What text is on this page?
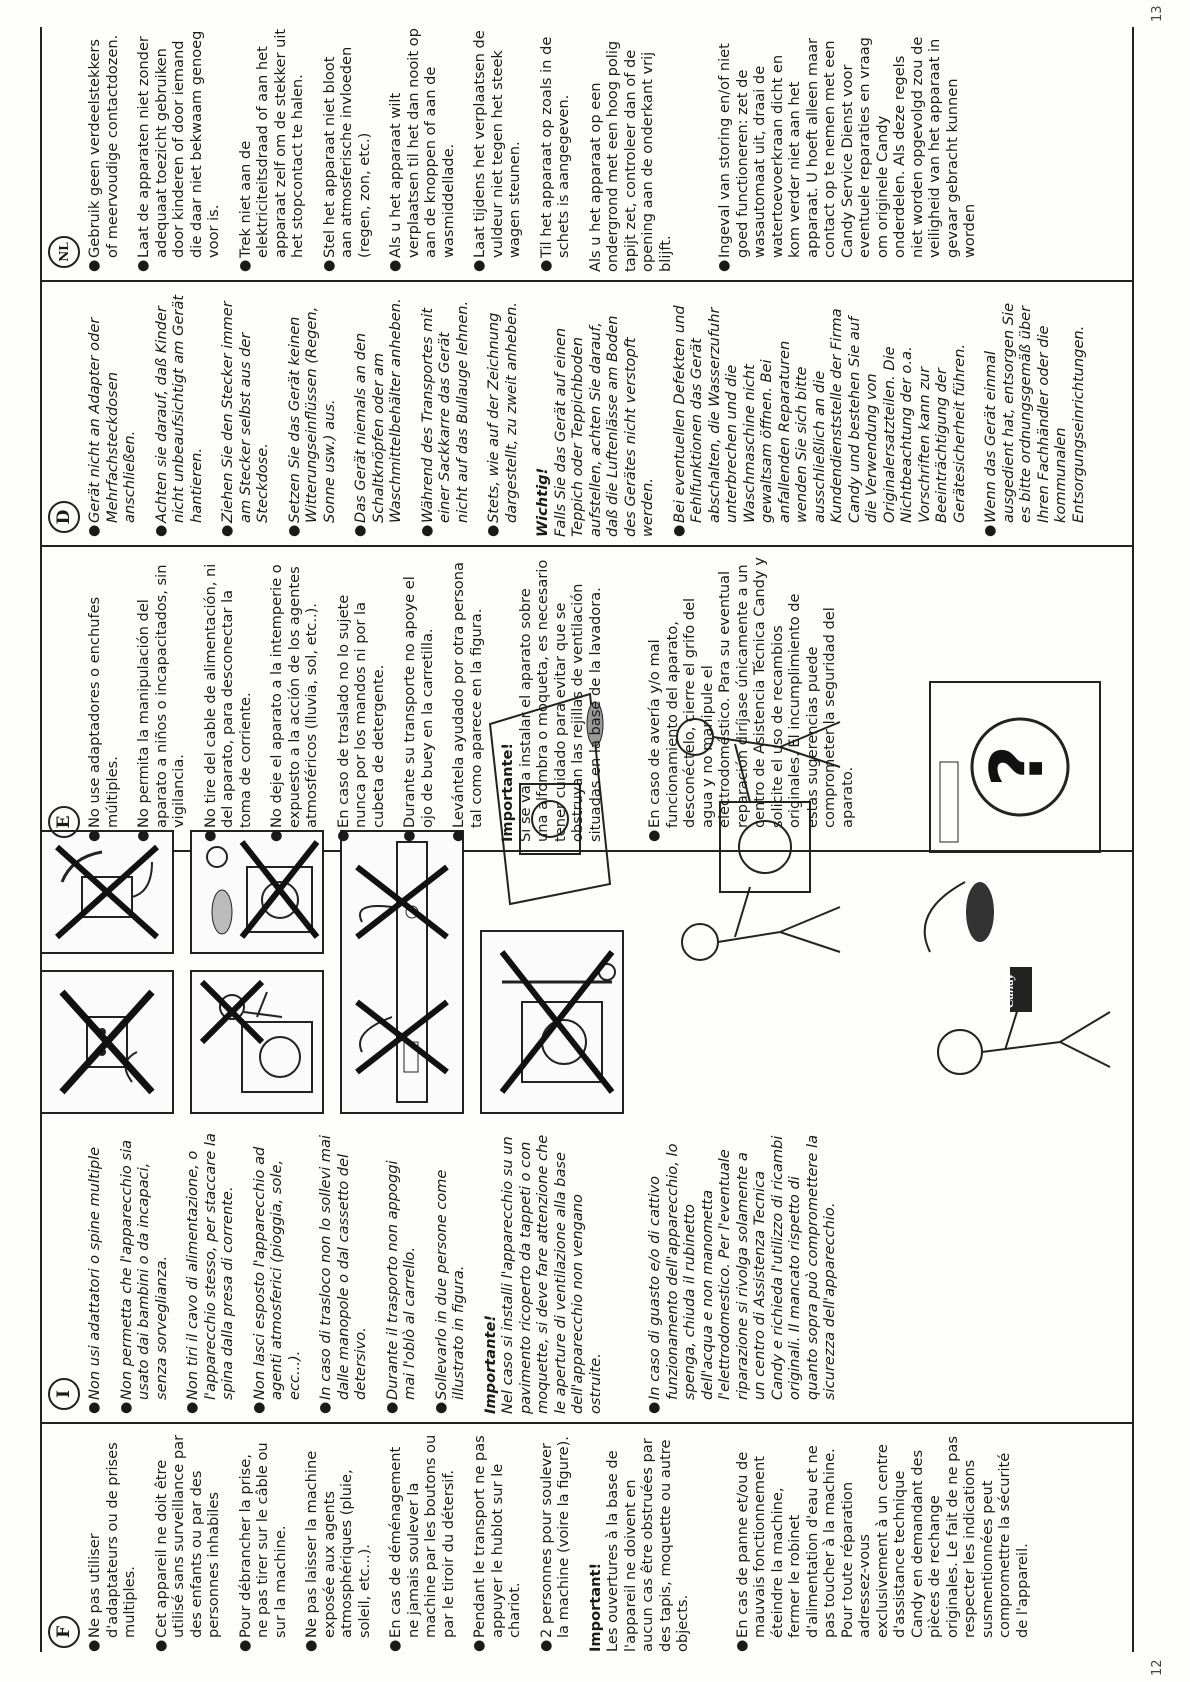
12
13
F

●
Ne pas utiliser d'adaptateurs ou de prises multiples.

●
Cet appareil ne doit être utilisé sans surveillance par des enfants ou par des personnes inhabiles

●
Pour débrancher la prise, ne pas tirer sur le câble ou sur la machine.

●
Ne pas laisser la machine exposée aux agents atmosphériques (pluie, soleil, etc...).

●
En cas de déménagement ne jamais soulever la machine par les boutons ou par le tiroir du détersif.

●
Pendant le transport ne pas appuyer le hublot sur le chariot.

●
2 personnes pour soulever la machine (voire la figure). Important! Les ouvertures à la base de l'appareil ne doivent en aucun cas être obstruées par des tapis, moquette ou autre objects.	●
En cas de panne et/ou de mauvais fonctionnement éteindre la machine, fermer le robinet d'alimentation d'eau et ne pas toucher à la machine. Pour toute réparation adressez-vous exclusivement à un centre d'assistance technique Candy en demandant des pièces de rechange originales. Le fait de ne pas respecter les indications susmentionnées peut compromettre la sécurité de l'appareil.

I

●
Non usi adattatori o spine multiple

●
Non permetta che l'apparecchio sia usato dai bambini o da incapaci, senza sorveglianza.

●
Non tiri il cavo di alimentazione, o l'apparecchio stesso, per staccare la spina dalla presa di corrente.

●
Non lasci esposto l'apparecchio ad agenti atmosferici (pioggia, sole, ecc...).

●
In caso di trasloco non lo sollevi mai dalle manopole o dal cassetto del detersivo.

●
Durante il trasporto non appoggi mai l'oblò al carrello.

●
Sollevarlo in due persone come illustrato in figura. Importante! Nel caso si installi l'apparecchio su un pavimento ricoperto da tappeti o con moquette, si deve fare attenzione che le aperture di ventilazione alla base dell'apparecchio non vengano ostruite.	●
In caso di guasto e/o di cattivo funzionamento dell'apparecchio, lo spenga, chiuda il rubinetto dell'acqua e non manometta l'elettrodomestico. Per l'eventuale riparazione si rivolga solamente a un centro di Assistenza Tecnica Candy e richieda l'utilizzo di ricambi originali. Il mancato rispetto di quanto sopra può compromettere la sicurezza dell'apparecchio.

Candy
?
E

●
No use adaptadores o enchufes múltiples.

●
No permita la manipulación del aparato a niños o incapacitados, sin vigilancia.

●
No tire del cable de alimentación, ni del aparato, para desconectar la toma de corriente.

●
No deje el aparato a la intemperie o expuesto a la acción de los agentes atmosféricos (lluvia, sol, etc..).

●
En caso de traslado no lo sujete nunca por los mandos ni por la cubeta de detergente.

●
Durante su transporte no apoye el ojo de buey en la carretilla.

●
Levántela ayudado por otra persona tal como aparece en la figura. Importante! Si se va a instalar el aparato sobre una alfombra o moqueta, es necesario tener cuidado para evitar que se obstruyan las rejillas de ventilación situadas en la base de la lavadora.	●
En caso de avería y/o mal funcionamiento del aparato, desconéctelo, cierre el grifo del agua y no manipule el electrodoméstico. Para su eventual reparación diríjase únicamente a un centro de Asistencia Técnica Candy y solicite el uso de recambios originales. El incumplimiento de estas sugerencias puede comprometer la seguridad del aparato.

D

●
Gerät nicht an Adapter oder Mehrfachsteckdosen anschließen.

●
Achten sie darauf, daß Kinder nicht unbeaufsichtigt am Gerät hantieren.

●
Ziehen Sie den Stecker immer am Stecker selbst aus der Steckdose.

●
Setzen Sie das Gerät keinen Witterungseinflüssen (Regen, Sonne usw.) aus.

●
Das Gerät niemals an den Schaltknöpfen oder am Waschmittelbehälter anheben.

●
Während des Transportes mit einer Sackkarre das Gerät nicht auf das Bullauge lehnen.

●
Stets, wie auf der Zeichnung dargestellt, zu zweit anheben. Wichtig! Falls Sie das Gerät auf einen Teppich oder Teppichboden aufstellen, achten Sie darauf, daß die Luftenlässe am Boden des Gerätes nicht verstopft werden. ●
Bei eventuellen Defekten und Fehlfunktionen das Gerät abschalten, die Wasserzufuhr unterbrechen und die Waschmaschine nicht gewaltsam öffnen. Bei anfallenden Reparaturen wenden Sie sich bitte ausschließlich an die Kundendienststelle der Firma Candy und bestehen Sie auf die Verwendung von Originalersatzteilen. Die Nichtbeachtung der o.a. Vorschriften kann zur Beeinträchtigung der Gerätesicherheit führen.

●
Wenn das Gerät einmal ausgedient hat, entsorgen Sie es bitte ordnungsgemäß über Ihren Fachhändler oder die kommunalen Entsorgungseinrichtungen.

NL

●
Gebruik geen verdeelstekkers of meervoudige contactdozen.

●
Laat de apparaten niet zonder adequaat toezicht gebruiken door kinderen of door iemand die daar niet bekwaam genoeg voor is.

●
Trek niet aan de elektriciteitsdraad of aan het apparaat zelf om de stekker uit het stopcontact te halen.

●
Stel het apparaat niet bloot aan atmosferische invloeden (regen, zon, etc.)

●
Als u het apparaat wilt verplaatsen til het dan nooit op aan de knoppen of aan de wasmiddellade.

●
Laat tijdens het verplaatsen de vuldeur niet tegen het steek wagen steunen.

●
Til het apparaat op zoals in de schets is aangegeven. Als u het apparaat op een ondergrond met een hoog polig tapijt zet, controleer dan of de opening aan de onderkant vrij blijft.	●
Ingeval van storing en/of niet goed functioneren: zet de wasautomaat uit, draai de watertoevoerkraan dicht en kom verder niet aan het apparaat. U hoeft alleen maar contact op te nemen met een Candy Service Dienst voor eventuele reparaties en vraag om originele Candy onderdelen. Als deze regels niet worden opgevolgd zou de veiligheid van het apparaat in gevaar gebracht kunnen worden
